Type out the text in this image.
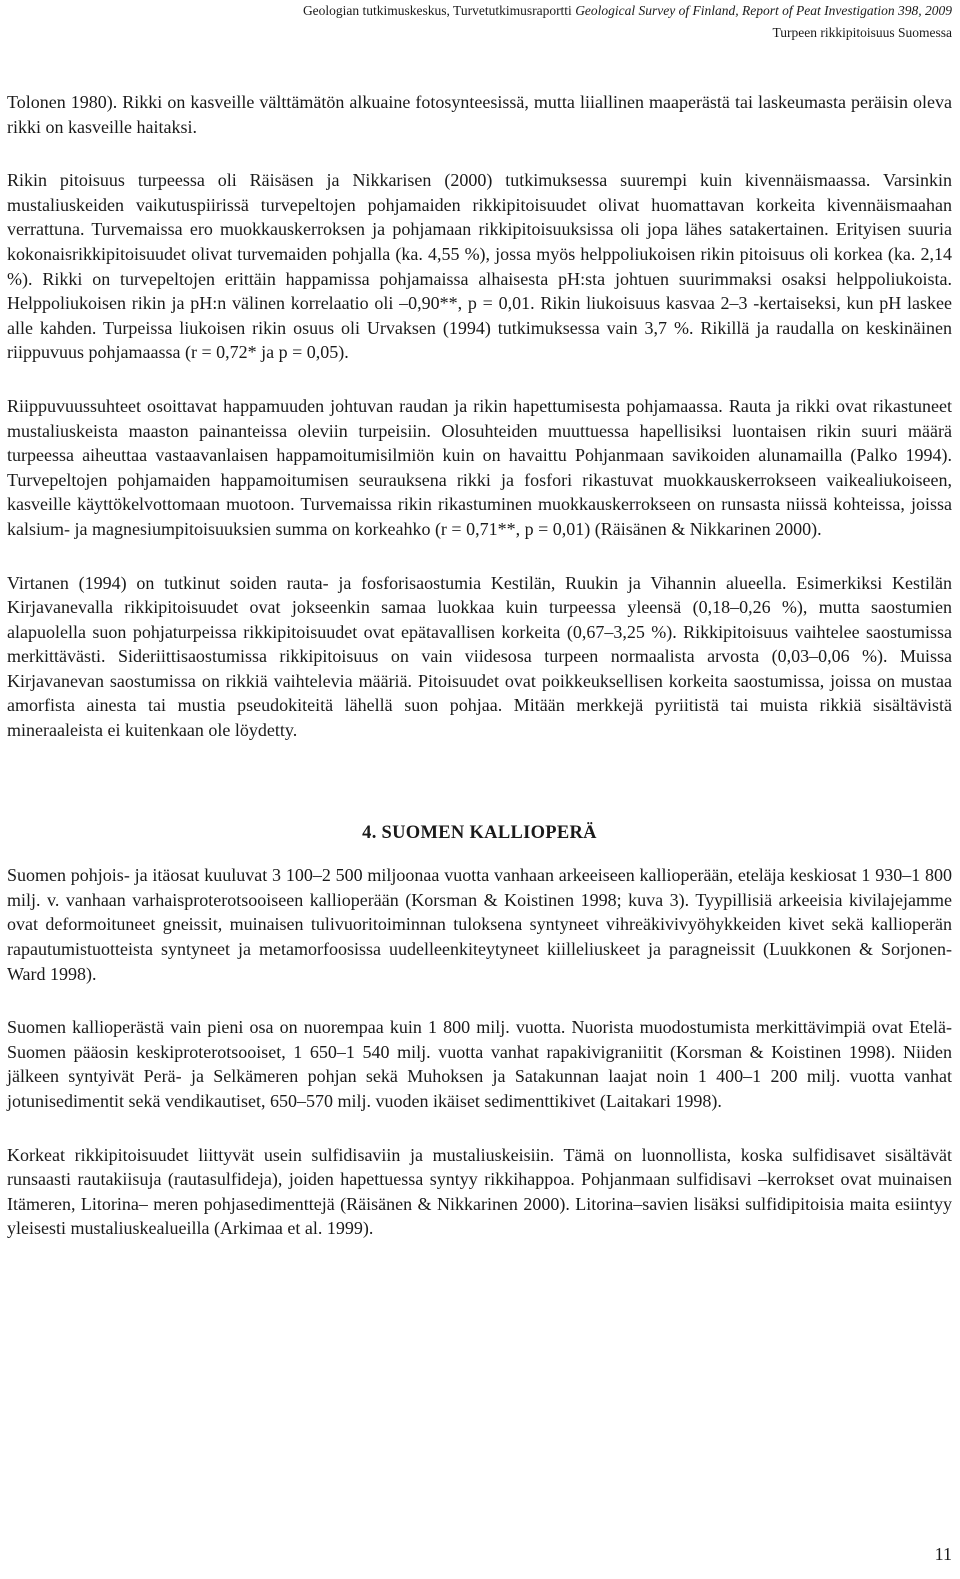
Geologian tutkimuskeskus, Turvetutkimusraportti Geological Survey of Finland, Report of Peat Investigation 398, 2009
Turpeen rikkipitoisuus Suomessa

Tolonen 1980). Rikki on kasveille välttämätön alkuaine fotosynteesissä, mutta liiallinen maaperästä tai laskeumasta peräisin oleva rikki on kasveille haitaksi.

Rikin pitoisuus turpeessa oli Räisäsen ja Nikkarisen (2000) tutkimuksessa suurempi kuin kivennäismaassa. Varsinkin mustaliuskeiden vaikutuspiirissä turvepeltojen pohjamaiden rikkipitoisuudet olivat huomattavan korkeita kivennäismaahan verrattuna. Turvemaissa ero muokkauskerroksen ja pohjamaan rikkipitoisuuksissa oli jopa lähes satakertainen. Erityisen suuria kokonaisrikkipitoisuudet olivat turvemaiden pohjalla (ka. 4,55 %), jossa myös helppoliukoisen rikin pitoisuus oli korkea (ka. 2,14 %). Rikki on turvepeltojen erittäin happamissa pohjamaissa alhaisesta pH:sta johtuen suurimmaksi osaksi helppoliukoista. Helppoliukoisen rikin ja pH:n välinen korrelaatio oli –0,90**, p = 0,01. Rikin liukoisuus kasvaa 2–3 -kertaiseksi, kun pH laskee alle kahden. Turpeissa liukoisen rikin osuus oli Urvaksen (1994) tutkimuksessa vain 3,7 %. Rikillä ja raudalla on keskinäinen riippuvuus pohjamaassa (r = 0,72* ja p = 0,05).

Riippuvuussuhteet osoittavat happamuuden johtuvan raudan ja rikin hapettumisesta pohjamaassa. Rauta ja rikki ovat rikastuneet mustaliuskeista maaston painanteissa oleviin turpeisiin. Olosuhteiden muuttuessa hapellisiksi luontaisen rikin suuri määrä turpeessa aiheuttaa vastaavanlaisen happamoitumisilmiön kuin on havaittu Pohjanmaan savikoiden alunamailla (Palko 1994). Turvepeltojen pohjamaiden happamoitumisen seurauksena rikki ja fosfori rikastuvat muokkauskerrokseen vaikealiukoiseen, kasveille käyttökelvottomaan muotoon. Turvemaissa rikin rikastuminen muokkauskerrokseen on runsasta niissä kohteissa, joissa kalsium- ja magnesiumpitoisuuksien summa on korkeahko (r = 0,71**, p = 0,01) (Räisänen & Nikkarinen 2000).

Virtanen (1994) on tutkinut soiden rauta- ja fosforisaostumia Kestilän, Ruukin ja Vihannin alueella. Esimerkiksi Kestilän Kirjavanevalla rikkipitoisuudet ovat jokseenkin samaa luokkaa kuin turpeessa yleensä (0,18–0,26 %), mutta saostumien alapuolella suon pohjaturpeissa rikkipitoisuudet ovat epätavallisen korkeita (0,67–3,25 %). Rikkipitoisuus vaihtelee saostumissa merkittävästi. Sideriittisaostumissa rikkipitoisuus on vain viidesosa turpeen normaalista arvosta (0,03–0,06 %). Muissa Kirjavanevan saostumissa on rikkiä vaihtelevia määriä. Pitoisuudet ovat poikkeuksellisen korkeita saostumissa, joissa on mustaa amorfista ainesta tai mustia pseudokiteitä lähellä suon pohjaa. Mitään merkkejä pyriitistä tai muista rikkiä sisältävistä mineraaleista ei kuitenkaan ole löydetty.

4. SUOMEN KALLIOPERÄ

Suomen pohjois- ja itäosat kuuluvat 3 100–2 500 miljoonaa vuotta vanhaan arkeeiseen kallioperään, eteläja keskiosat 1 930–1 800 milj. v. vanhaan varhaisproterotsooiseen kallioperään (Korsman & Koistinen 1998; kuva 3). Tyypillisiä arkeeisia kivilajejamme ovat deformoituneet gneissit, muinaisen tulivuoritoiminnan tuloksena syntyneet vihreäkivivyöhykkeiden kivet sekä kallioperän rapautumistuotteista syntyneet ja metamorfoosissa uudelleenkiteytyneet kiilleliuskeet ja paragneissit (Luukkonen & Sorjonen-Ward 1998).

Suomen kallioperästä vain pieni osa on nuorempaa kuin 1 800 milj. vuotta. Nuorista muodostumista merkittävimpiä ovat Etelä-Suomen pääosin keskiproterotsooiset, 1 650–1 540 milj. vuotta vanhat rapakivigraniitit (Korsman & Koistinen 1998). Niiden jälkeen syntyivät Perä- ja Selkämeren pohjan sekä Muhoksen ja Satakunnan laajat noin 1 400–1 200 milj. vuotta vanhat jotunisedimentit sekä vendikautiset, 650–570 milj. vuoden ikäiset sedimenttikivet (Laitakari 1998).

Korkeat rikkipitoisuudet liittyvät usein sulfidisaviin ja mustaliuskeisiin. Tämä on luonnollista, koska sulfidisavet sisältävät runsaasti rautakiisuja (rautasulfideja), joiden hapettuessa syntyy rikkihappoa. Pohjanmaan sulfidisavi –kerrokset ovat muinaisen Itämeren, Litorina– meren pohjasedimenttejä (Räisänen & Nikkarinen 2000). Litorina–savien lisäksi sulfidipitoisia maita esiintyy yleisesti mustaliuskealueilla (Arkimaa et al. 1999).

11
